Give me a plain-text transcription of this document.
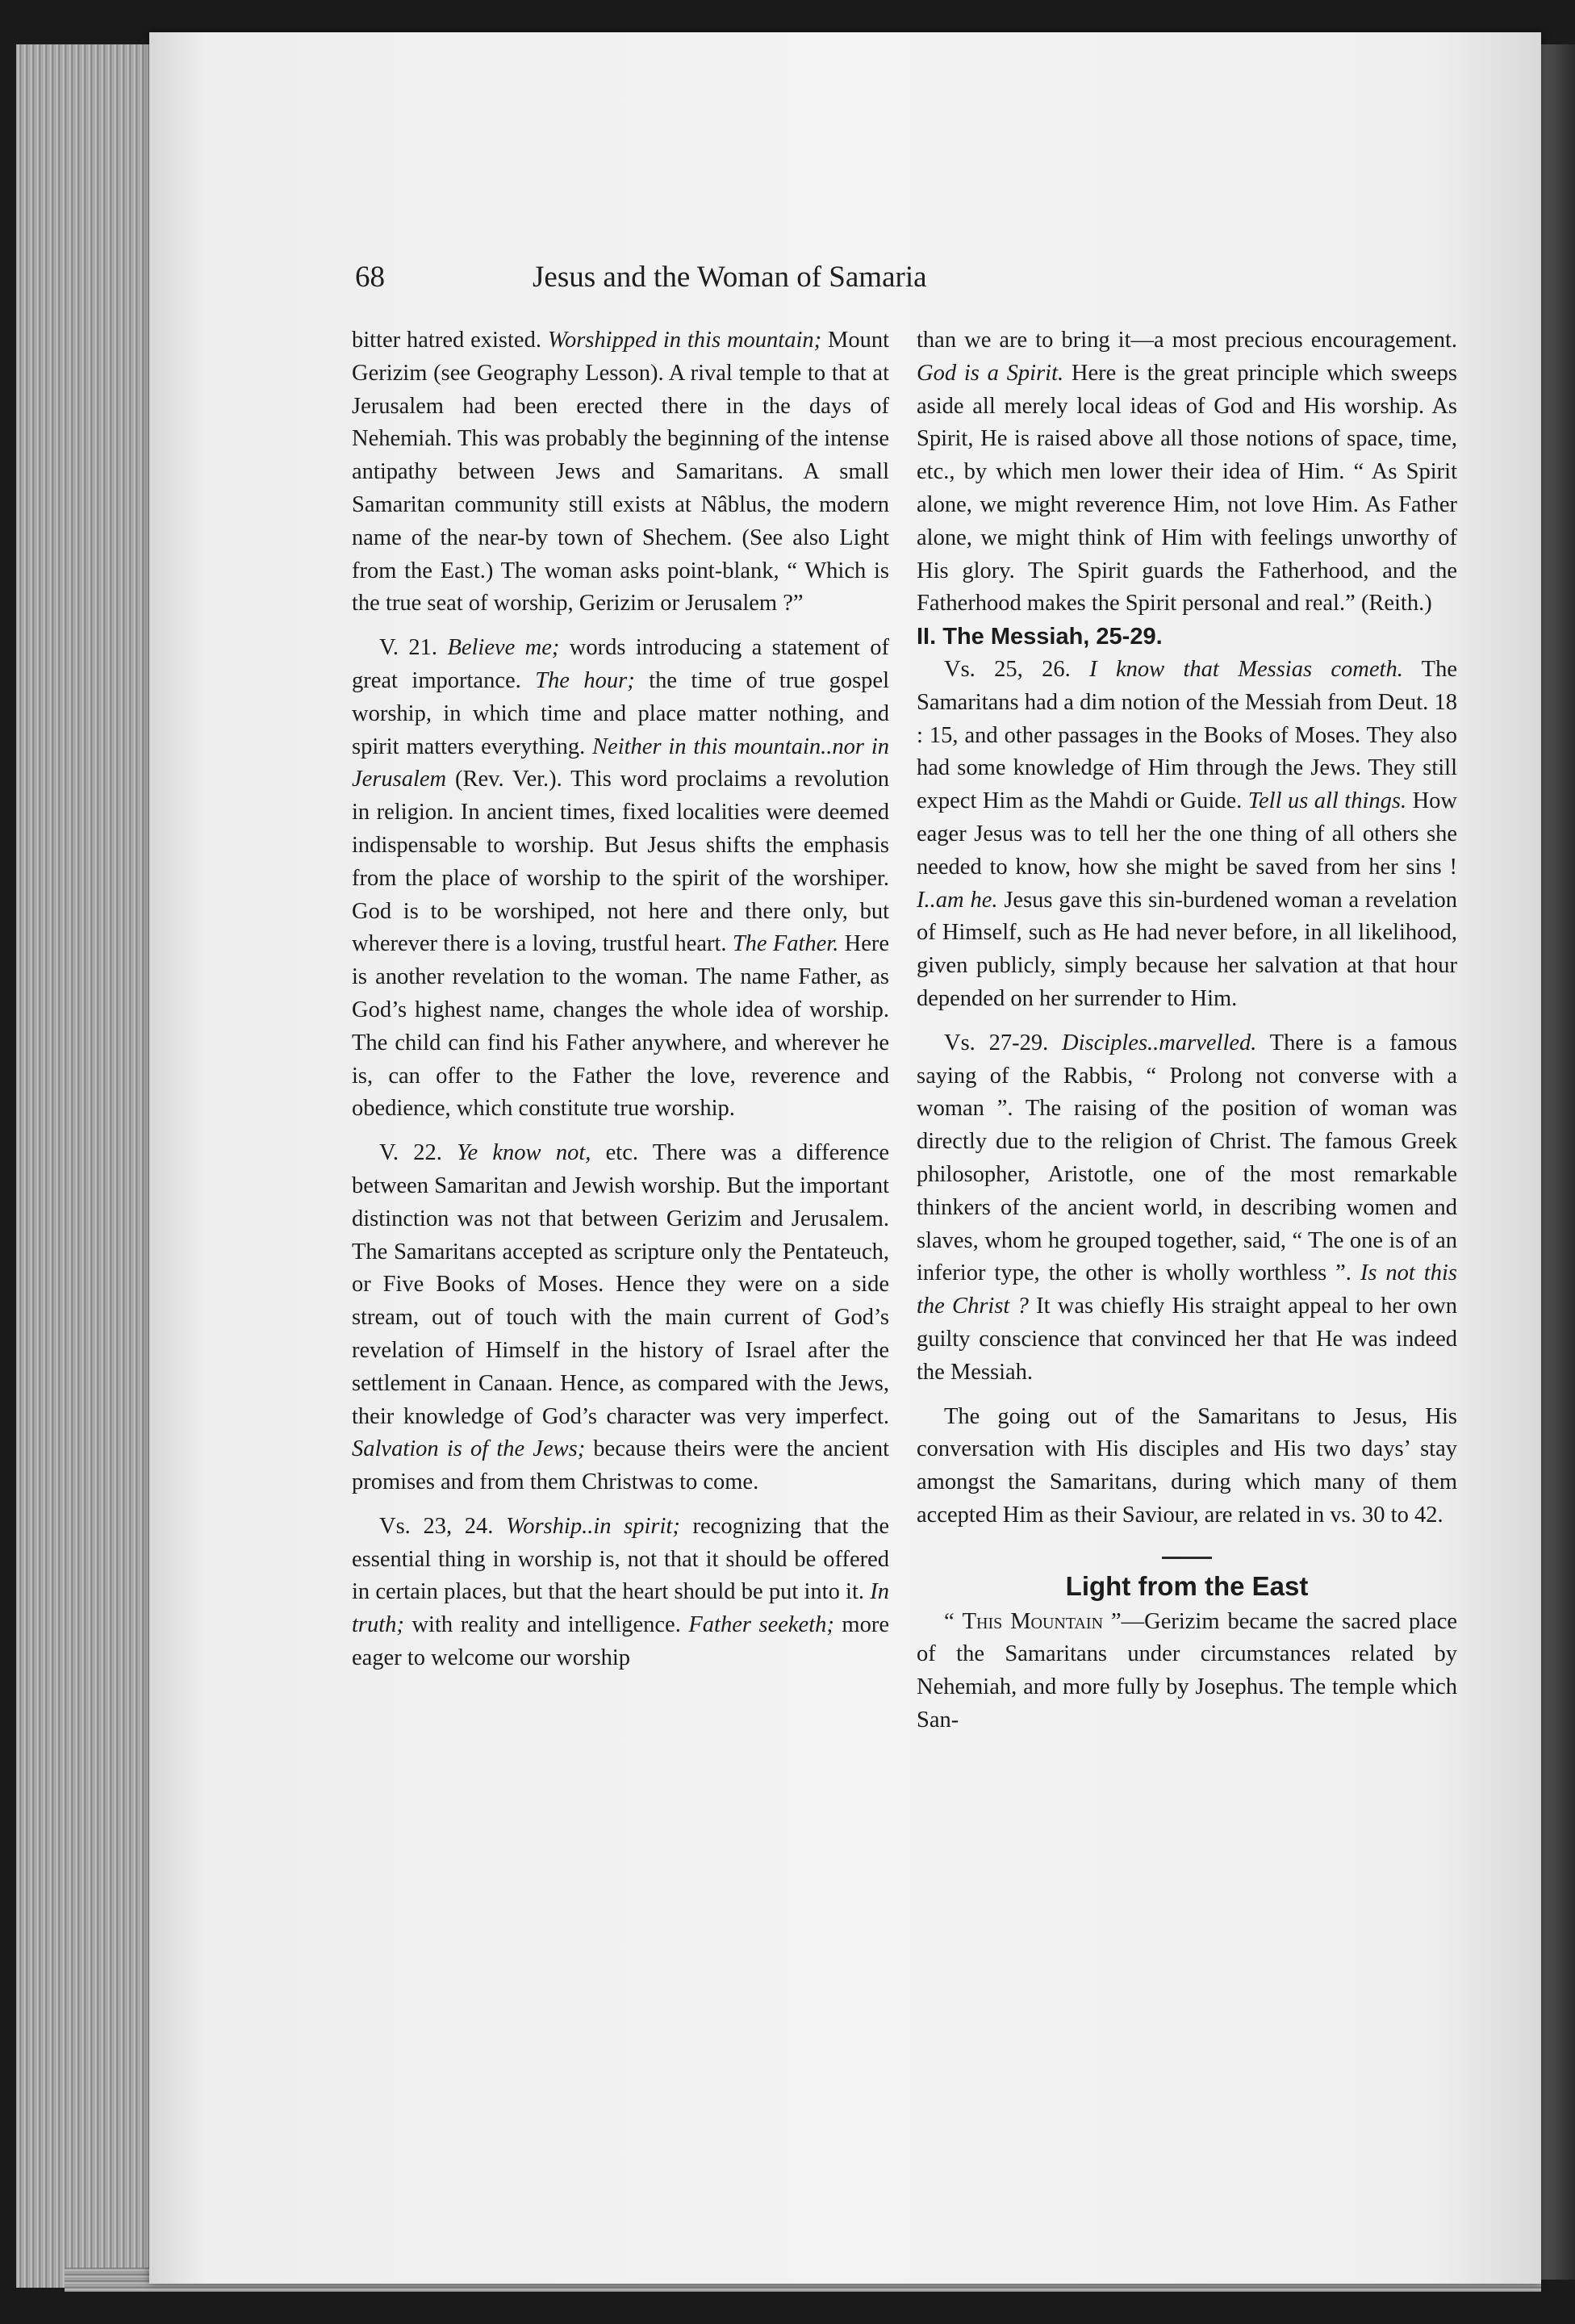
68	Jesus and the Woman of Samaria

bitter hatred existed. Worshipped in this mountain; Mount Gerizim (see Geography Lesson). A rival temple to that at Jerusalem had been erected there in the days of Nehemiah. This was probably the beginning of the intense antipathy between Jews and Samaritans. A small Samaritan community still exists at Nâblus, the modern name of the near-by town of Shechem. (See also Light from the East.) The woman asks point-blank, “ Which is the true seat of worship, Gerizim or Jerusalem ?”

V. 21. Believe me; words introducing a statement of great importance. The hour; the time of true gospel worship, in which time and place matter nothing, and spirit matters everything. Neither in this mountain..nor in Jerusalem (Rev. Ver.). This word proclaims a revolution in religion. In ancient times, fixed localities were deemed indispensable to worship. But Jesus shifts the emphasis from the place of worship to the spirit of the worshiper. God is to be worshiped, not here and there only, but wherever there is a loving, trustful heart. The Father. Here is another revelation to the woman. The name Father, as God’s highest name, changes the whole idea of worship. The child can find his Father anywhere, and wherever he is, can offer to the Father the love, reverence and obedience, which constitute true worship.

V. 22. Ye know not, etc. There was a difference between Samaritan and Jewish worship. But the important distinction was not that between Gerizim and Jerusalem. The Samaritans accepted as scripture only the Pentateuch, or Five Books of Moses. Hence they were on a side stream, out of touch with the main current of God’s revelation of Himself in the history of Israel after the settlement in Canaan. Hence, as compared with the Jews, their knowledge of God’s character was very imperfect. Salvation is of the Jews; because theirs were the ancient promises and from them Christwas to come.

Vs. 23, 24. Worship..in spirit; recognizing that the essential thing in worship is, not that it should be offered in certain places, but that the heart should be put into it. In truth; with reality and intelligence. Father seeketh; more eager to welcome our worship

than we are to bring it—a most precious encouragement. God is a Spirit. Here is the great principle which sweeps aside all merely local ideas of God and His worship. As Spirit, He is raised above all those notions of space, time, etc., by which men lower their idea of Him. “ As Spirit alone, we might reverence Him, not love Him. As Father alone, we might think of Him with feelings unworthy of His glory. The Spirit guards the Fatherhood, and the Fatherhood makes the Spirit personal and real.” (Reith.)

II. The Messiah, 25-29.

Vs. 25, 26. I know that Messias cometh. The Samaritans had a dim notion of the Messiah from Deut. 18 : 15, and other passages in the Books of Moses. They also had some knowledge of Him through the Jews. They still expect Him as the Mahdi or Guide. Tell us all things. How eager Jesus was to tell her the one thing of all others she needed to know, how she might be saved from her sins ! I..am he. Jesus gave this sin-burdened woman a revelation of Himself, such as He had never before, in all likelihood, given publicly, simply because her salvation at that hour depended on her surrender to Him.

Vs. 27-29. Disciples..marvelled. There is a famous saying of the Rabbis, “ Prolong not converse with a woman ”. The raising of the position of woman was directly due to the religion of Christ. The famous Greek philosopher, Aristotle, one of the most remarkable thinkers of the ancient world, in describing women and slaves, whom he grouped together, said, “ The one is of an inferior type, the other is wholly worthless ”. Is not this the Christ ? It was chiefly His straight appeal to her own guilty conscience that convinced her that He was indeed the Messiah.

The going out of the Samaritans to Jesus, His conversation with His disciples and His two days’ stay amongst the Samaritans, during which many of them accepted Him as their Saviour, are related in vs. 30 to 42.

Light from the East

“ This Mountain ”—Gerizim became the sacred place of the Samaritans under circumstances related by Nehemiah, and more fully by Josephus. The temple which San-
